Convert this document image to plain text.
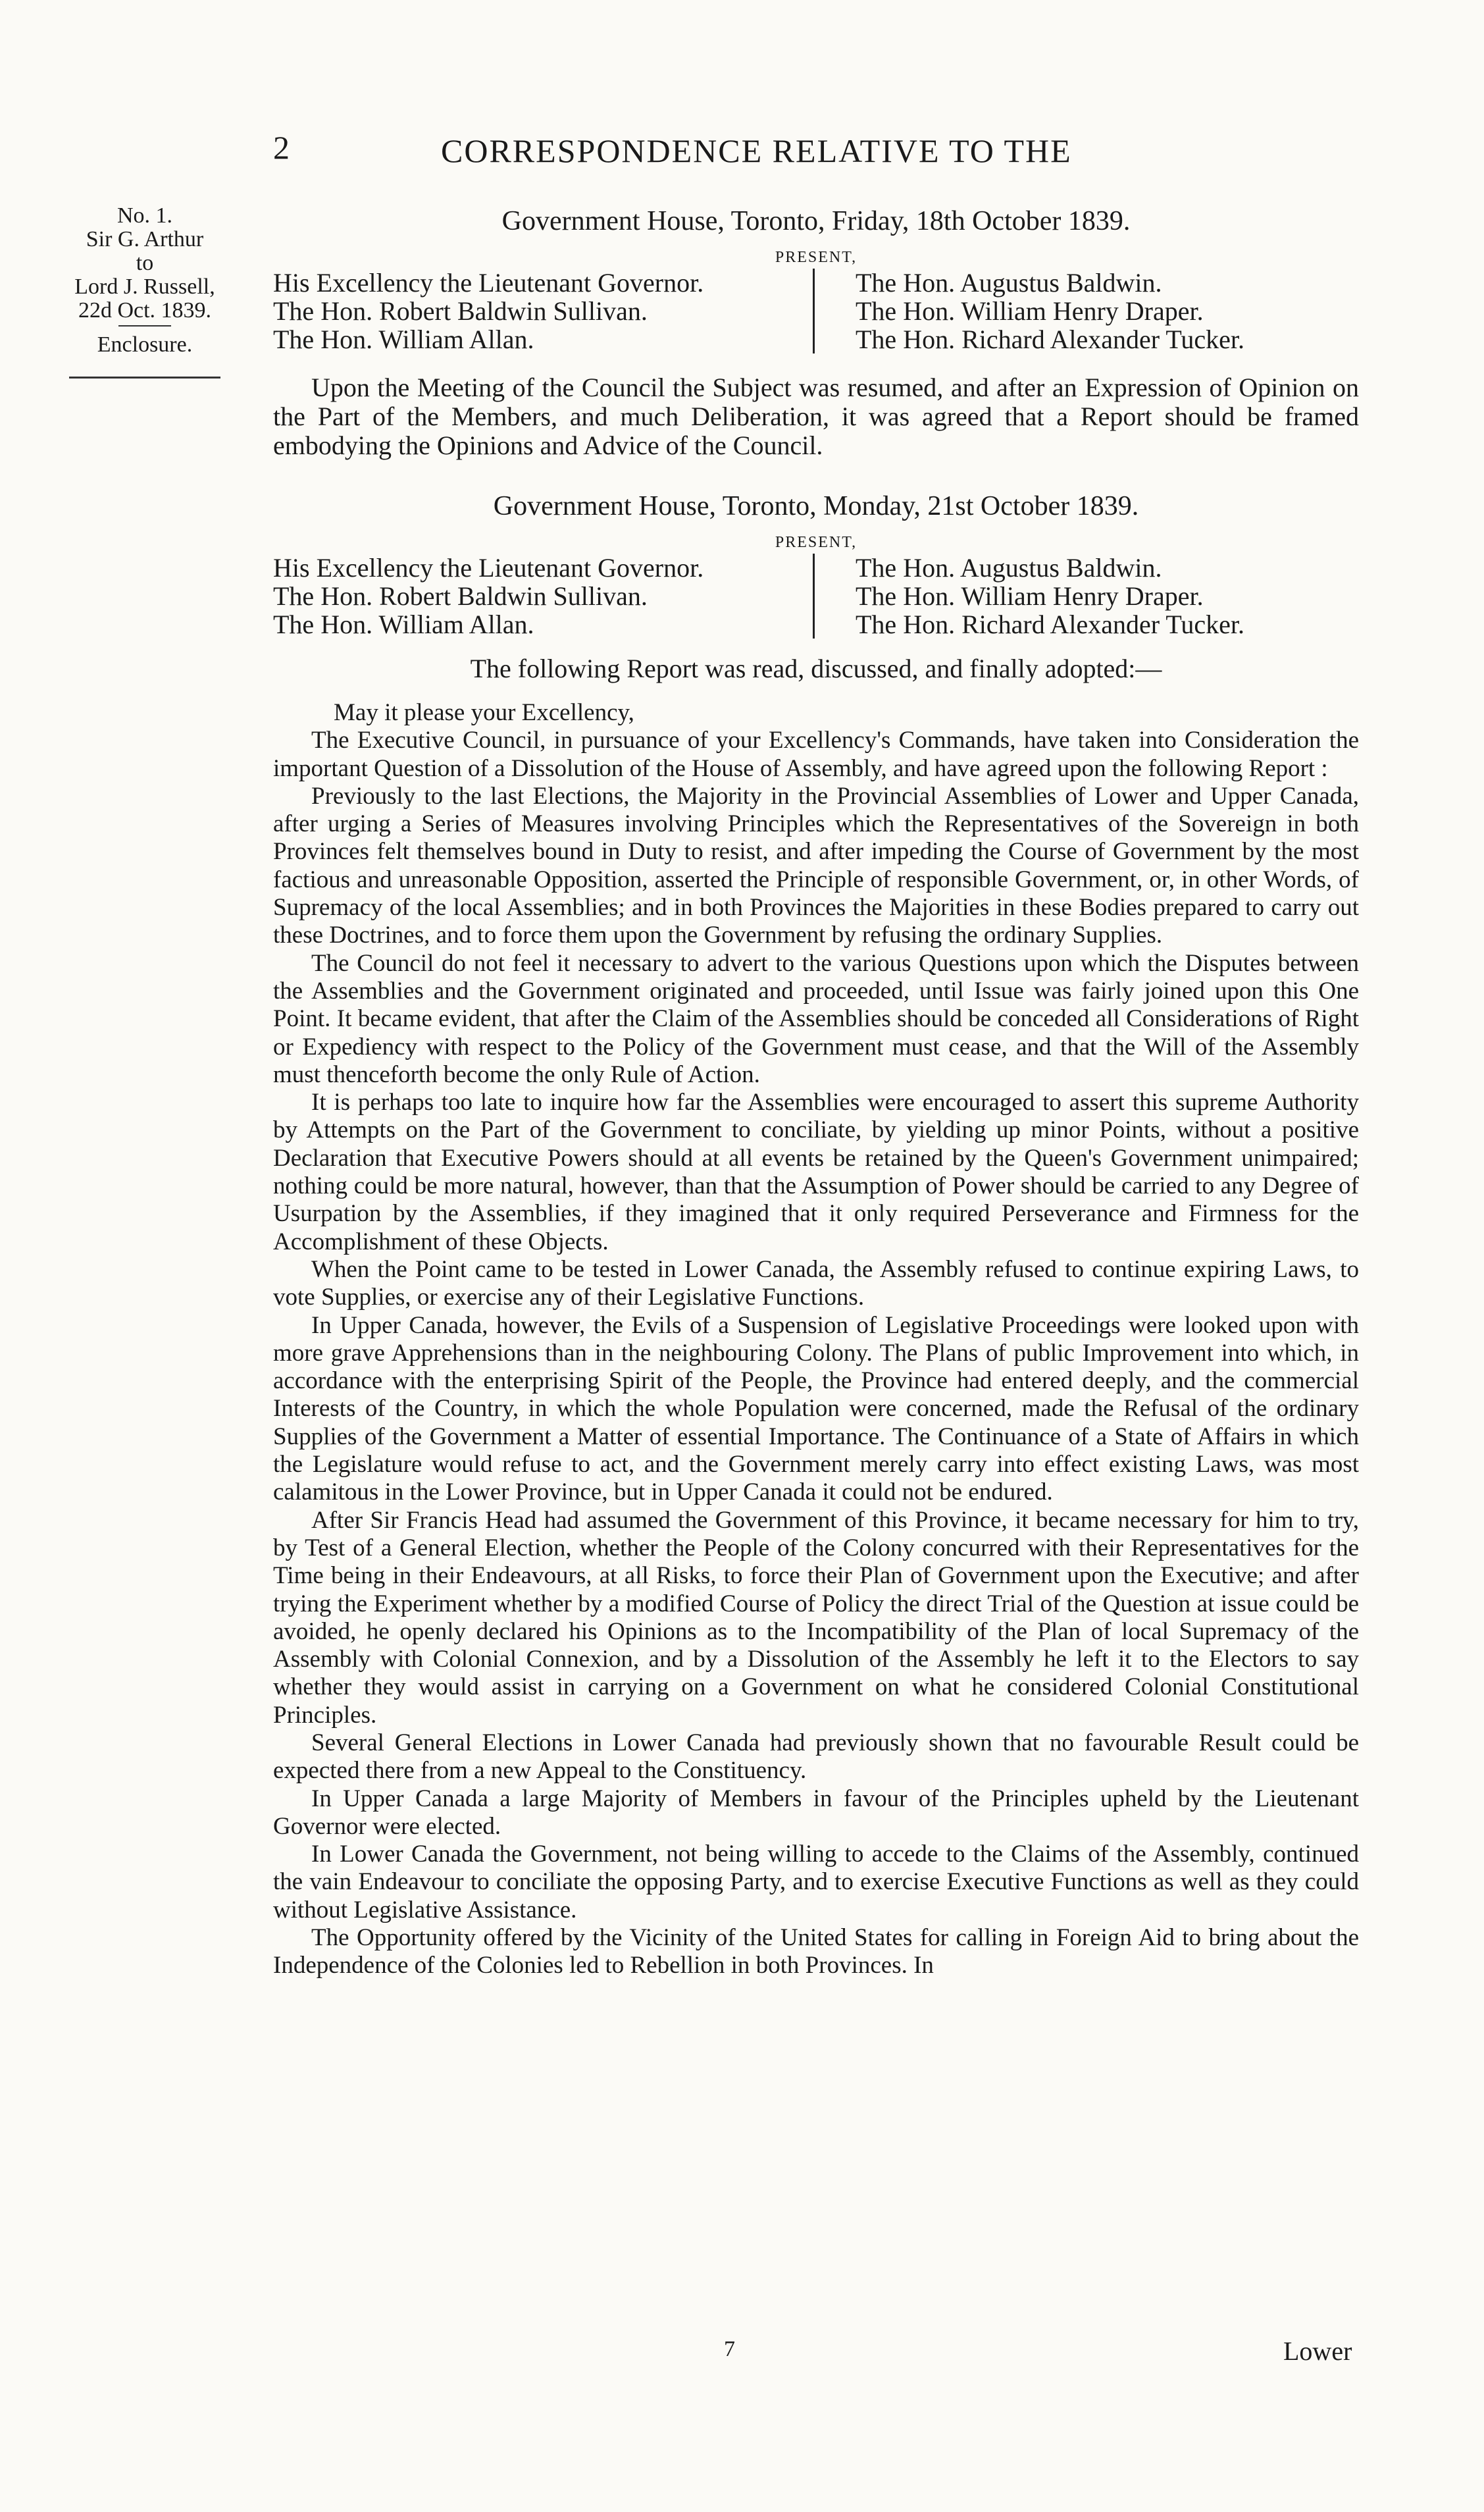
2	CORRESPONDENCE RELATIVE TO THE
No. 1.
Sir G. Arthur
to
Lord J. Russell,
22d Oct. 1839.
Enclosure.
Government House, Toronto, Friday, 18th October 1839.
PRESENT,
His Excellency the Lieutenant Governor.
The Hon. Robert Baldwin Sullivan.
The Hon. William Allan.
The Hon. Augustus Baldwin.
The Hon. William Henry Draper.
The Hon. Richard Alexander Tucker.

Upon the Meeting of the Council the Subject was resumed, and after an Expression of Opinion on the Part of the Members, and much Deliberation, it was agreed that a Report should be framed embodying the Opinions and Advice of the Council.

Government House, Toronto, Monday, 21st October 1839.
PRESENT,
His Excellency the Lieutenant Governor.
The Hon. Robert Baldwin Sullivan.
The Hon. William Allan.
The Hon. Augustus Baldwin.
The Hon. William Henry Draper.
The Hon. Richard Alexander Tucker.
The following Report was read, discussed, and finally adopted:—

May it please your Excellency,

The Executive Council, in pursuance of your Excellency's Commands, have taken into Consideration the important Question of a Dissolution of the House of Assembly, and have agreed upon the following Report :

Previously to the last Elections, the Majority in the Provincial Assemblies of Lower and Upper Canada, after urging a Series of Measures involving Principles which the Representatives of the Sovereign in both Provinces felt themselves bound in Duty to resist, and after impeding the Course of Government by the most factious and unreasonable Opposition, asserted the Principle of responsible Government, or, in other Words, of Supremacy of the local Assemblies; and in both Provinces the Majorities in these Bodies prepared to carry out these Doctrines, and to force them upon the Government by refusing the ordinary Supplies.

The Council do not feel it necessary to advert to the various Questions upon which the Disputes between the Assemblies and the Government originated and proceeded, until Issue was fairly joined upon this One Point. It became evident, that after the Claim of the Assemblies should be conceded all Considerations of Right or Expediency with respect to the Policy of the Government must cease, and that the Will of the Assembly must thenceforth become the only Rule of Action.

It is perhaps too late to inquire how far the Assemblies were encouraged to assert this supreme Authority by Attempts on the Part of the Government to conciliate, by yielding up minor Points, without a positive Declaration that Executive Powers should at all events be retained by the Queen's Government unimpaired; nothing could be more natural, however, than that the Assumption of Power should be carried to any Degree of Usurpation by the Assemblies, if they imagined that it only required Perseverance and Firmness for the Accomplishment of these Objects.

When the Point came to be tested in Lower Canada, the Assembly refused to continue expiring Laws, to vote Supplies, or exercise any of their Legislative Functions.

In Upper Canada, however, the Evils of a Suspension of Legislative Proceedings were looked upon with more grave Apprehensions than in the neighbouring Colony. The Plans of public Improvement into which, in accordance with the enterprising Spirit of the People, the Province had entered deeply, and the commercial Interests of the Country, in which the whole Population were concerned, made the Refusal of the ordinary Supplies of the Government a Matter of essential Importance. The Continuance of a State of Affairs in which the Legislature would refuse to act, and the Government merely carry into effect existing Laws, was most calamitous in the Lower Province, but in Upper Canada it could not be endured.

After Sir Francis Head had assumed the Government of this Province, it became necessary for him to try, by Test of a General Election, whether the People of the Colony concurred with their Representatives for the Time being in their Endeavours, at all Risks, to force their Plan of Government upon the Executive; and after trying the Experiment whether by a modified Course of Policy the direct Trial of the Question at issue could be avoided, he openly declared his Opinions as to the Incompatibility of the Plan of local Supremacy of the Assembly with Colonial Connexion, and by a Dissolution of the Assembly he left it to the Electors to say whether they would assist in carrying on a Government on what he considered Colonial Constitutional Principles.

Several General Elections in Lower Canada had previously shown that no favourable Result could be expected there from a new Appeal to the Constituency.

In Upper Canada a large Majority of Members in favour of the Principles upheld by the Lieutenant Governor were elected.

In Lower Canada the Government, not being willing to accede to the Claims of the Assembly, continued the vain Endeavour to conciliate the opposing Party, and to exercise Executive Functions as well as they could without Legislative Assistance.

The Opportunity offered by the Vicinity of the United States for calling in Foreign Aid to bring about the Independence of the Colonies led to Rebellion in both Provinces. In

7	Lower
